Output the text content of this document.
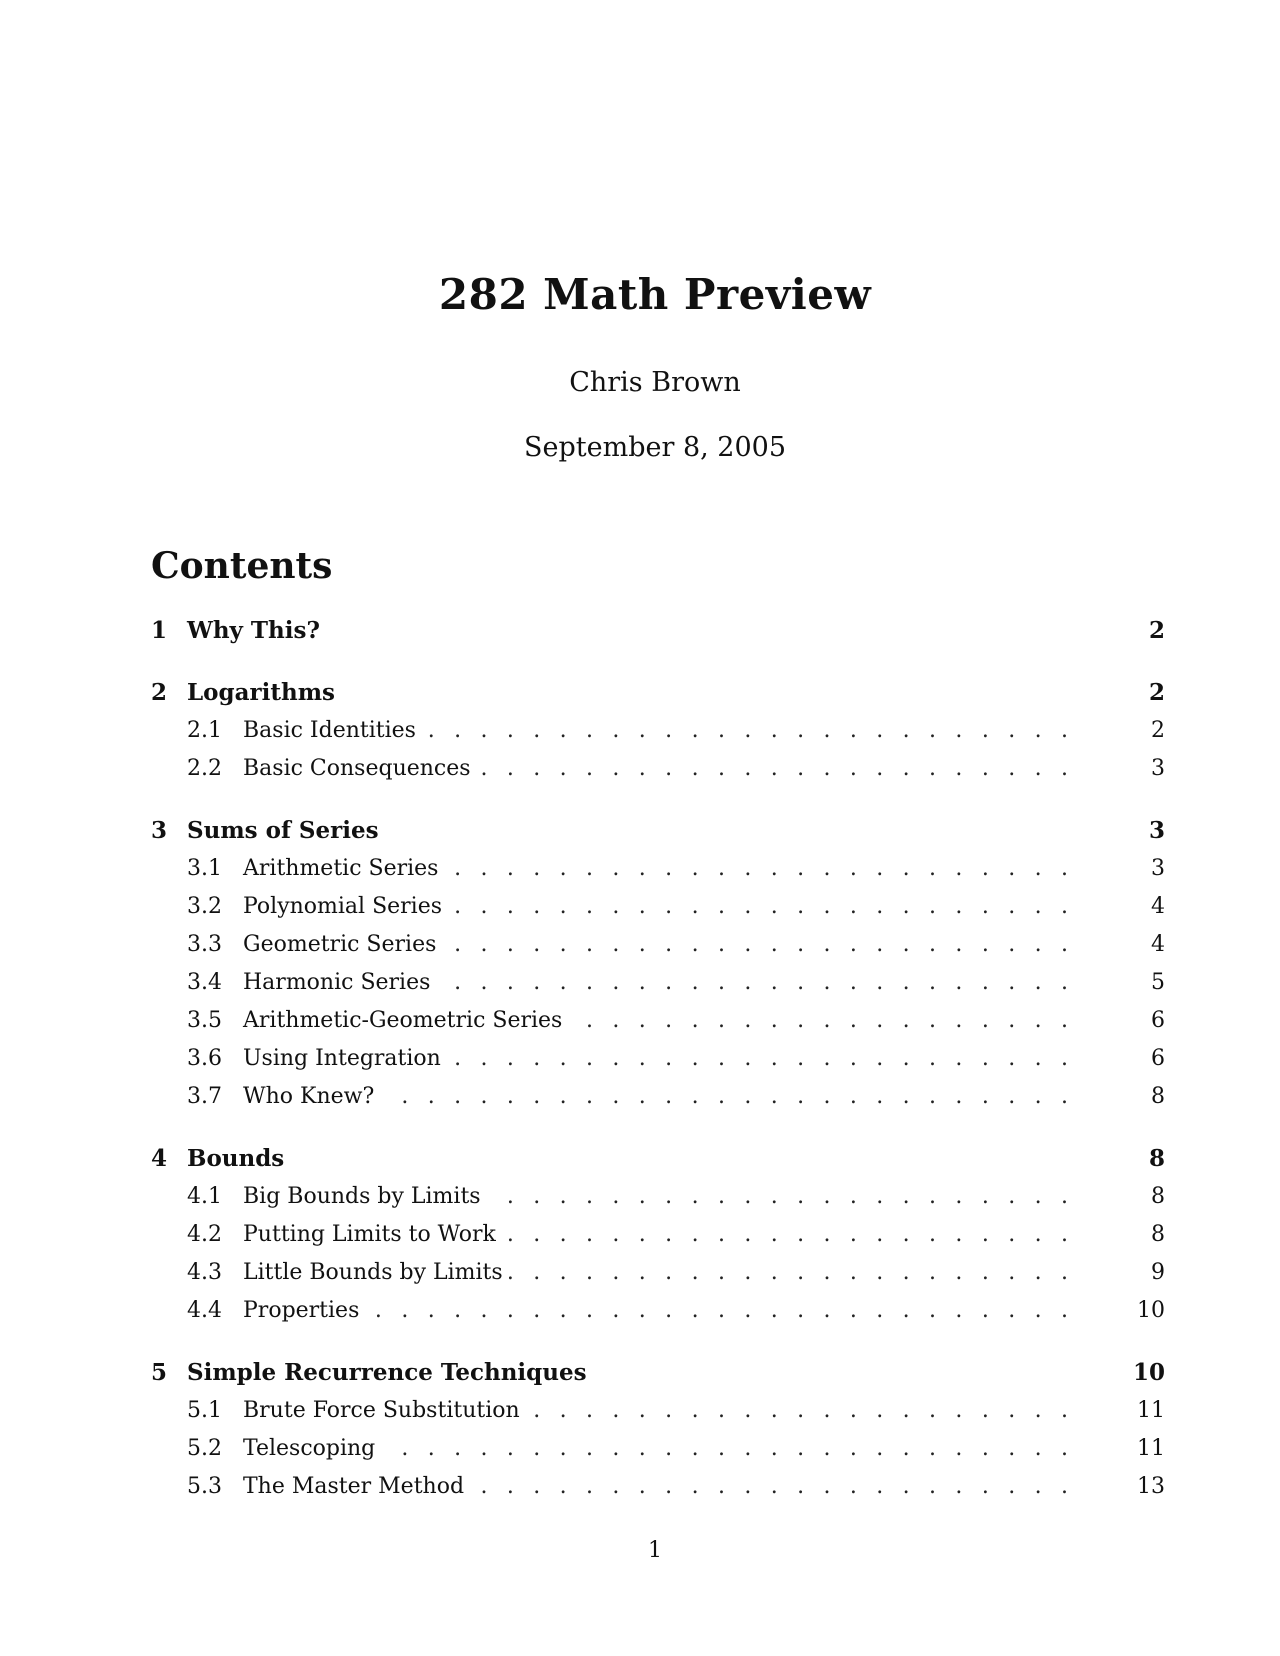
282 Math Preview
Chris Brown
September 8, 2005
Contents
1 Why This?	2
2 Logarithms	2
2.1 . . . Basic Identities	2
2.2 . . . Basic Consequences	3
3 Sums of Series	3
3.1 . . . Arithmetic Series	3
3.2 . . . Polynomial Series	4
3.3 . . . Geometric Series	4
3.4 . . . Harmonic Series	5
3.5 . . . Arithmetic-Geometric Series	6
3.6 . . . Using Integration	6
3.7 . . . Who Knew?	8
4 Bounds	8
4.1 . . . Big Bounds by Limits	8
4.2 . . . Putting Limits to Work	8
4.3 . . . Little Bounds by Limits	9
4.4 . . . Properties	10
5 Simple Recurrence Techniques	10
5.1 . . . Brute Force Substitution	11
5.2 . . . Telescoping	11
5.3 . . . The Master Method	13
1
